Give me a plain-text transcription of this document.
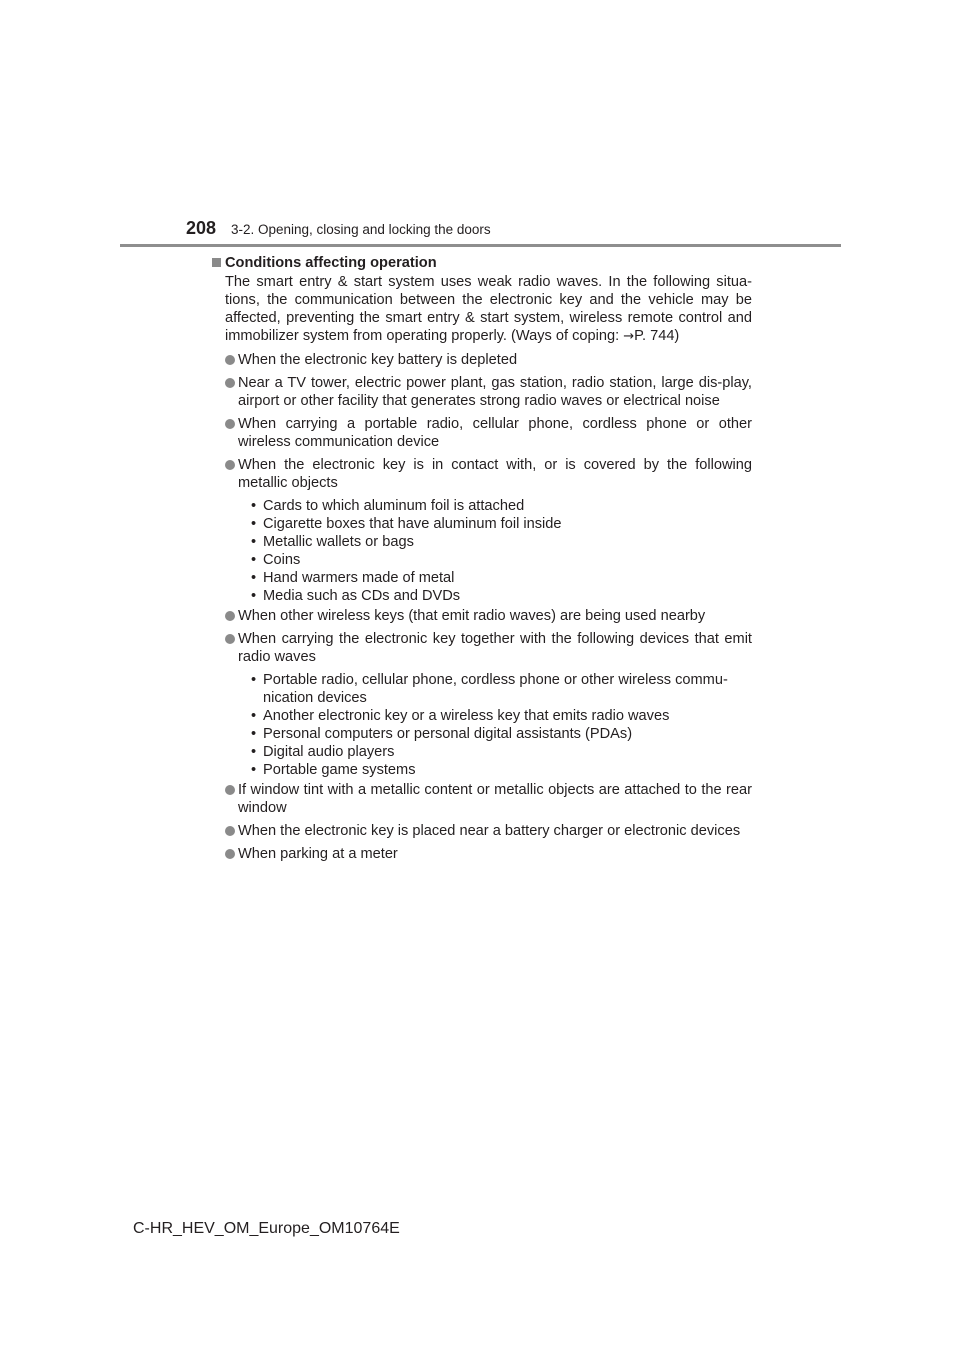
208 3-2. Opening, closing and locking the doors
Conditions affecting operation
The smart entry & start system uses weak radio waves. In the following situa-tions, the communication between the electronic key and the vehicle may be affected, preventing the smart entry & start system, wireless remote control and immobilizer system from operating properly. (Ways of coping: →P. 744)
When the electronic key battery is depleted
Near a TV tower, electric power plant, gas station, radio station, large dis-play, airport or other facility that generates strong radio waves or electrical noise
When carrying a portable radio, cellular phone, cordless phone or other wireless communication device
When the electronic key is in contact with, or is covered by the following metallic objects
• Cards to which aluminum foil is attached
• Cigarette boxes that have aluminum foil inside
• Metallic wallets or bags
• Coins
• Hand warmers made of metal
• Media such as CDs and DVDs
When other wireless keys (that emit radio waves) are being used nearby
When carrying the electronic key together with the following devices that emit radio waves
• Portable radio, cellular phone, cordless phone or other wireless commu-nication devices
• Another electronic key or a wireless key that emits radio waves
• Personal computers or personal digital assistants (PDAs)
• Digital audio players
• Portable game systems
If window tint with a metallic content or metallic objects are attached to the rear window
When the electronic key is placed near a battery charger or electronic devices
When parking at a meter
C-HR_HEV_OM_Europe_OM10764E
